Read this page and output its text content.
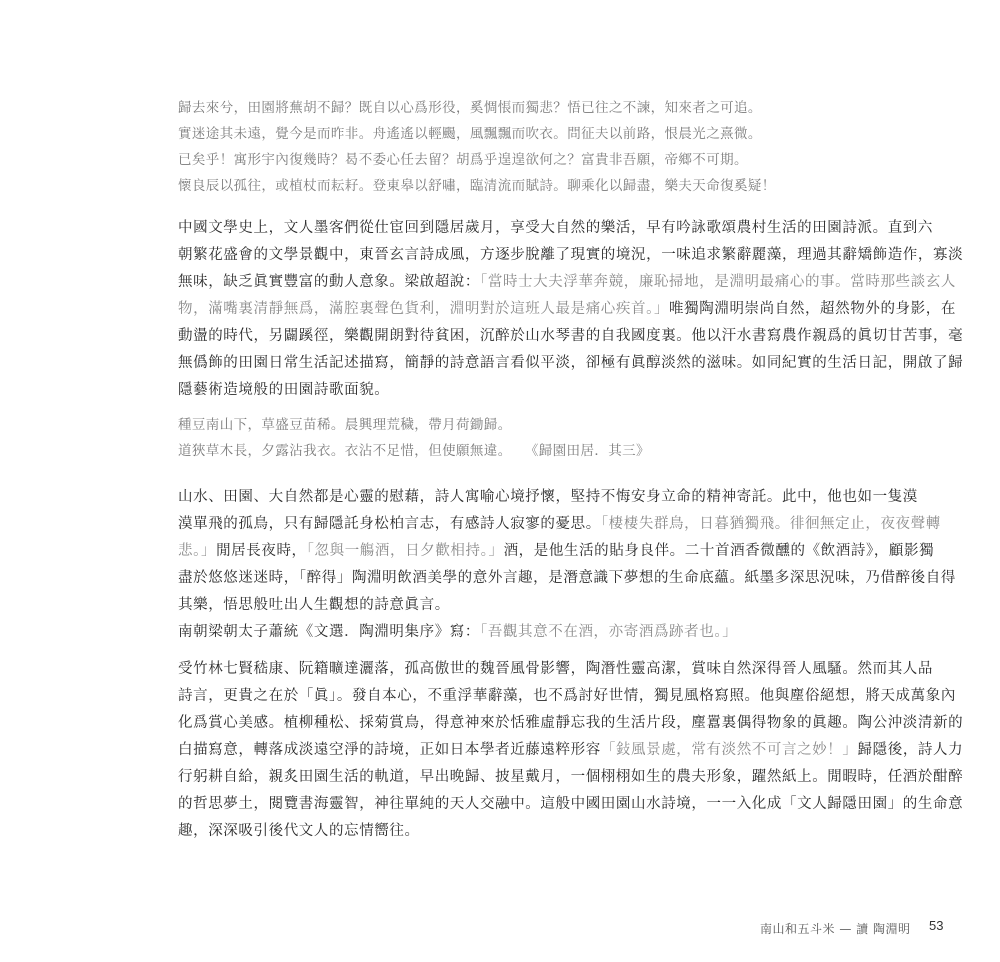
歸去來兮，田園將蕪胡不歸？既自以心爲形役，奚惆悵而獨悲？悟已往之不諫，知來者之可追。
實迷途其未遠，覺今是而昨非。舟遙遙以輕颺，風飄飄而吹衣。問征夫以前路，恨晨光之熹微。
已矣乎！寓形宇內復幾時？曷不委心任去留？胡爲乎遑遑欲何之？富貴非吾願，帝鄉不可期。
懷良辰以孤往，或植杖而耘耔。登東皋以舒嘯，臨清流而賦詩。聊乘化以歸盡，樂夫天命復奚疑！
中國文學史上，文人墨客們從仕宦回到隱居歲月，享受大自然的樂活，早有吟詠歌頌農村生活的田園詩派。直到六
朝繁花盛會的文學景觀中，東晉玄言詩成風，方逐步脫離了現實的境況，一味追求繁辭麗藻，理過其辭矯飾造作，寡淡
無味，缺乏眞實豐富的動人意象。梁啟超說：「當時士大夫浮華奔競，廉恥掃地，是淵明最痛心的事。當時那些談玄人
物，滿嘴裏清靜無爲，滿腔裏聲色貨利，淵明對於這班人最是痛心疾首。」唯獨陶淵明崇尚自然，超然物外的身影，在
動盪的時代，另闢蹊徑，樂觀開朗對待貧困，沉醉於山水琴書的自我國度裏。他以汗水書寫農作親爲的眞切甘苦事，毫
無僞飾的田園日常生活記述描寫，簡靜的詩意語言看似平淡，卻極有眞醇淡然的滋味。如同紀實的生活日記，開啟了歸
隱藝術造境般的田園詩歌面貌。
種豆南山下，草盛豆苗稀。晨興理荒穢，帶月荷鋤歸。
道狹草木長，夕露沾我衣。衣沾不足惜，但使願無違。 《歸園田居．其三》
山水、田園、大自然都是心靈的慰藉，詩人寓喻心境抒懷，堅持不悔安身立命的精神寄託。此中，他也如一隻漠
漠單飛的孤鳥，只有歸隱託身松柏言志，有感詩人寂寥的憂思。「棲棲失群鳥，日暮猶獨飛。徘徊無定止，夜夜聲轉
悲。」閒居長夜時，「忽與一觴酒，日夕歡相持。」酒，是他生活的貼身良伴。二十首酒香微醺的《飲酒詩》，顧影獨
盡於悠悠迷迷時，「醉得」陶淵明飲酒美學的意外言趣，是潛意識下夢想的生命底蘊。紙墨多深思況味，乃借醉後自得
其樂，悟思般吐出人生觀想的詩意眞言。
南朝梁朝太子蕭統《文選．陶淵明集序》寫：「吾觀其意不在酒，亦寄酒爲跡者也。」
受竹林七賢嵇康、阮籍曠達灑落，孤高傲世的魏晉風骨影響，陶潛性靈高潔，賞味自然深得晉人風騷。然而其人品
詩言，更貴之在於「眞」。發自本心，不重浮華辭藻，也不爲討好世情，獨見風格寫照。他與塵俗絕想，將天成萬象內
化爲賞心美感。植柳種松、採菊賞鳥，得意神來於恬雅虛靜忘我的生活片段，塵囂裏偶得物象的眞趣。陶公沖淡清新的
白描寫意，轉落成淡遠空淨的詩境，正如日本學者近藤遠粹形容「鈙風景處，常有淡然不可言之妙！」歸隱後，詩人力
行躬耕自給，親炙田園生活的軌道，早出晚歸、披星戴月，一個栩栩如生的農夫形象，躍然紙上。閒暇時，任酒於酣醉
的哲思夢土，閱覽書海靈智，神往單純的天人交融中。這般中國田園山水詩境，一一入化成「文人歸隱田園」的生命意
趣，深深吸引後代文人的忘情嚮往。
南山和五斗米 — 讀 陶淵明 53
